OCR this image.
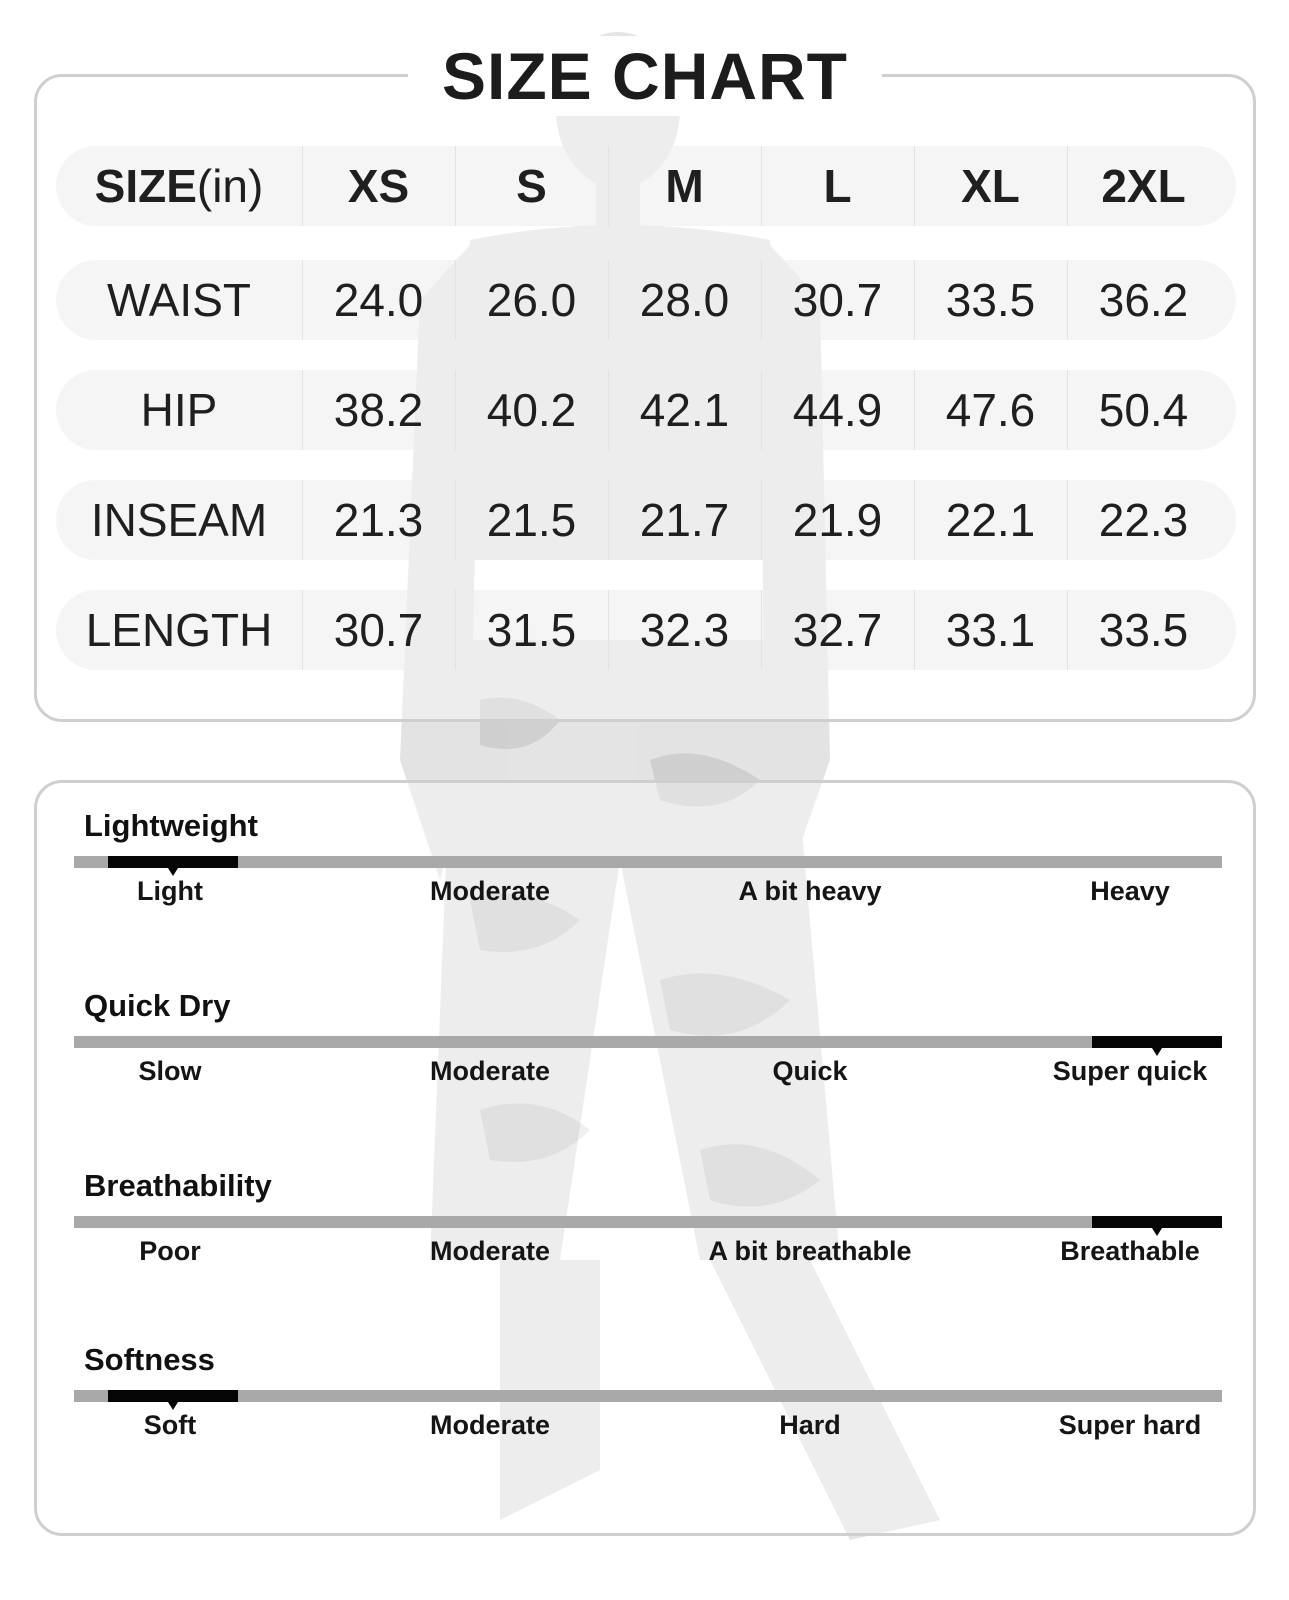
SIZE CHART
SIZE(in)	XS	S	M	L	XL	2XL
WAIST	24.0	26.0	28.0	30.7	33.5	36.2
HIP	38.2	40.2	42.1	44.9	47.6	50.4
INSEAM	21.3	21.5	21.7	21.9	22.1	22.3
LENGTH	30.7	31.5	32.3	32.7	33.1	33.5
Lightweight
Light	Moderate	A bit heavy	Heavy
Quick Dry
Slow	Moderate	Quick	Super quick
Breathability
Poor	Moderate	A bit breathable	Breathable
Softness
Soft	Moderate	Hard	Super hard
